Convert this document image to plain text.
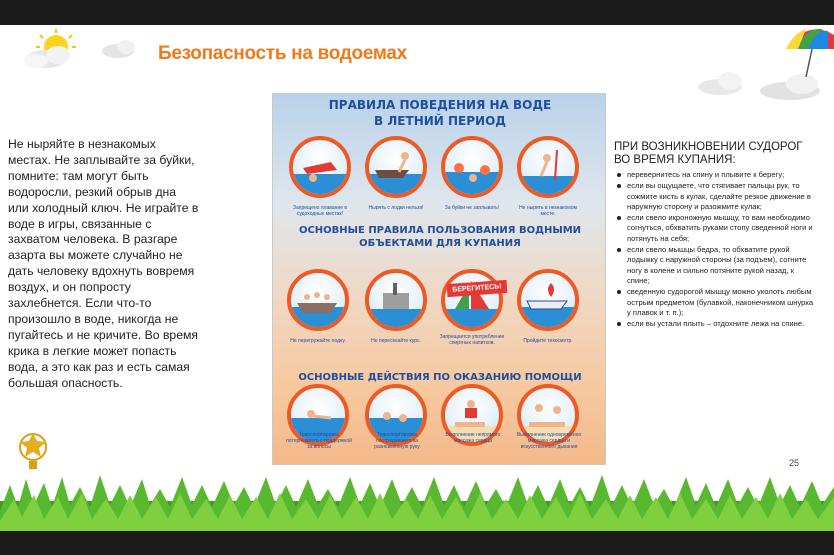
Безопасность на водоемах
Не ныряйте в незнакомых местах. Не заплывайте за буйки, помните: там могут быть водоросли, резкий обрыв дна или холодный ключ. Не играйте в воде в игры, связанные с захватом человека. В разгаре азарта вы можете случайно не дать человеку вдохнуть вовремя воздух, и он попросту захлебнется. Если что-то произошло в воде, никогда не пугайтесь и не кричите. Во время крика в легкие может попасть вода, а это как раз и есть самая большая опасность.
ПРАВИЛА ПОВЕДЕНИЯ НА ВОДЕ
В ЛЕТНИЙ ПЕРИОД
Запрещено плавание в судоходных местах!
Нырять с лодки нельзя!	За буйки не заплывать!	Не нырять в незнакомом месте.
ОСНОВНЫЕ ПРАВИЛА ПОЛЬЗОВАНИЯ ВОДНЫМИ
ОБЪЕКТАМИ ДЛЯ КУПАНИЯ
Не перегружайте лодку.	Не пересекайте курс.
Запрещается употребление спиртных напитков.	Пройдите техосмотр.
БЕРЕГИТЕСЬ!
ОСНОВНЫЕ ДЕЙСТВИЯ ПО ОКАЗАНИЮ ПОМОЩИ
Транспортировка потерпевшего с поддержкой за волосы
Транспортировка пострадавшего за разноименную руку
Выполнение непрямого массажа сердца
Выполнение одновременно массажа сердца и искусственного дыхания
ПРИ ВОЗНИКНОВЕНИИ СУДОРОГ ВО ВРЕМЯ КУПАНИЯ:
перевернитесь на спину и плывите к берегу;
если вы ощущаете, что стягивает пальцы рук, то сожмите кисть в кулак, сделайте резкое движение в наружную сторону и разожмите кулак;
если свело икроножную мышцу, то вам необходимо согнуться, обхватить руками стопу сведенной ноги и потянуть на себя;
если свело мышцы бедра, то обхватите рукой лодыжку с наружной стороны (за подъем), согните ногу в колене и сильно потяните рукой назад, к спине;
сведенную судорогой мышцу можно уколоть любым острым предметом (булавкой, наконечником шнурка у плавок и т. п.);
если вы устали плыть – отдохните лежа на спине.
25
